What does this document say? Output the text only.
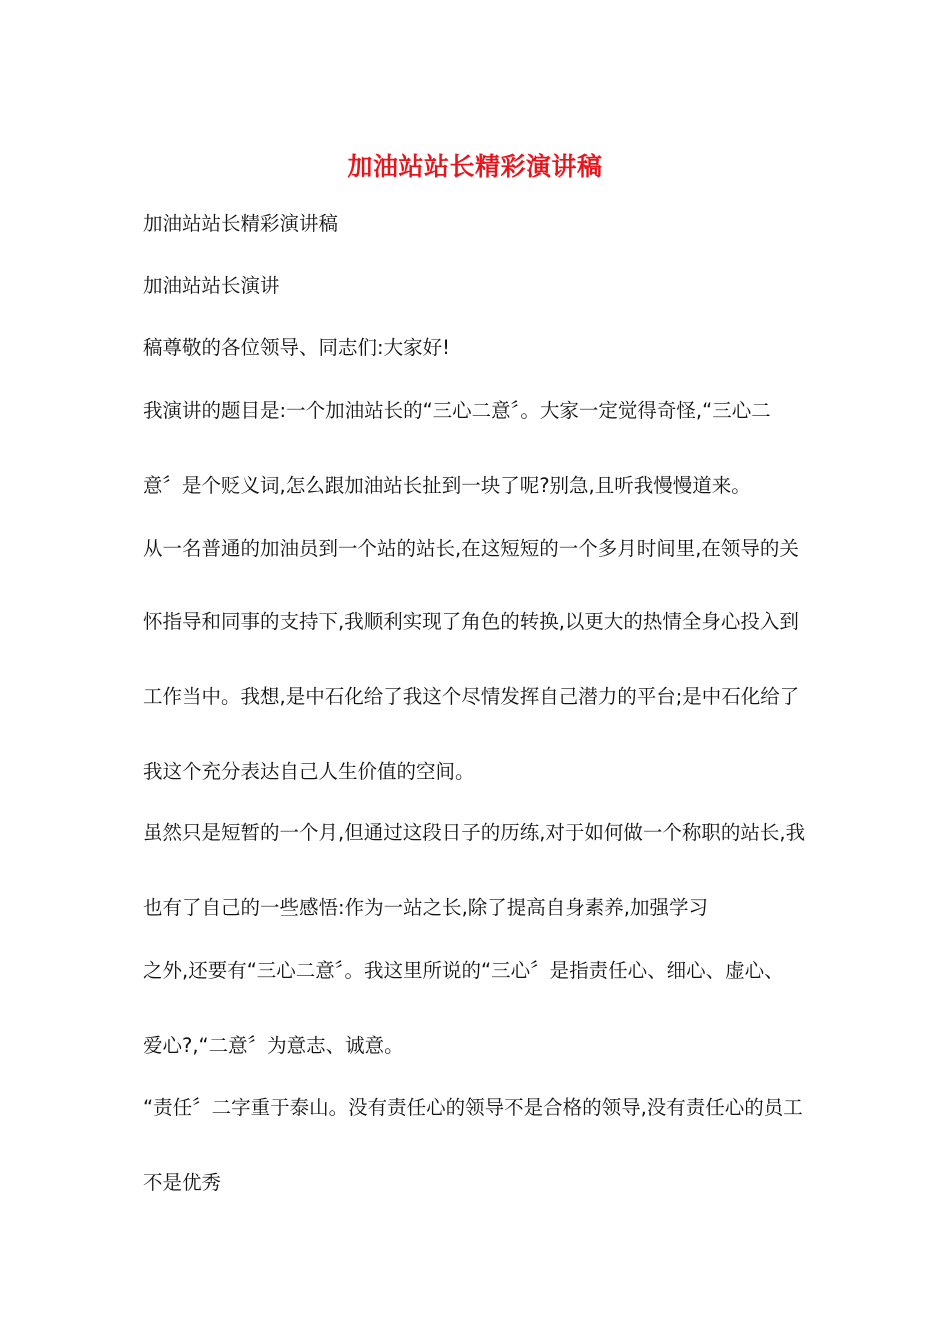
加油站站长精彩演讲稿
加油站站长精彩演讲稿
加油站站长演讲
稿尊敬的各位领导、同志们:大家好!
我演讲的题目是:一个加油站长的“三心二意〞。大家一定觉得奇怪,“三心二
意〞是个贬义词,怎么跟加油站长扯到一块了呢?别急,且听我慢慢道来。
从一名普通的加油员到一个站的站长,在这短短的一个多月时间里,在领导的关
怀指导和同事的支持下,我顺利实现了角色的转换,以更大的热情全身心投入到
工作当中。我想,是中石化给了我这个尽情发挥自己潜力的平台;是中石化给了
我这个充分表达自己人生价值的空间。
虽然只是短暂的一个月,但通过这段日子的历练,对于如何做一个称职的站长,我
也有了自己的一些感悟:作为一站之长,除了提高自身素养,加强学习
之外,还要有“三心二意〞。我这里所说的“三心〞是指责任心、细心、虚心、
爱心?,“二意〞为意志、诚意。
“责任〞二字重于泰山。没有责任心的领导不是合格的领导,没有责任心的员工
不是优秀
